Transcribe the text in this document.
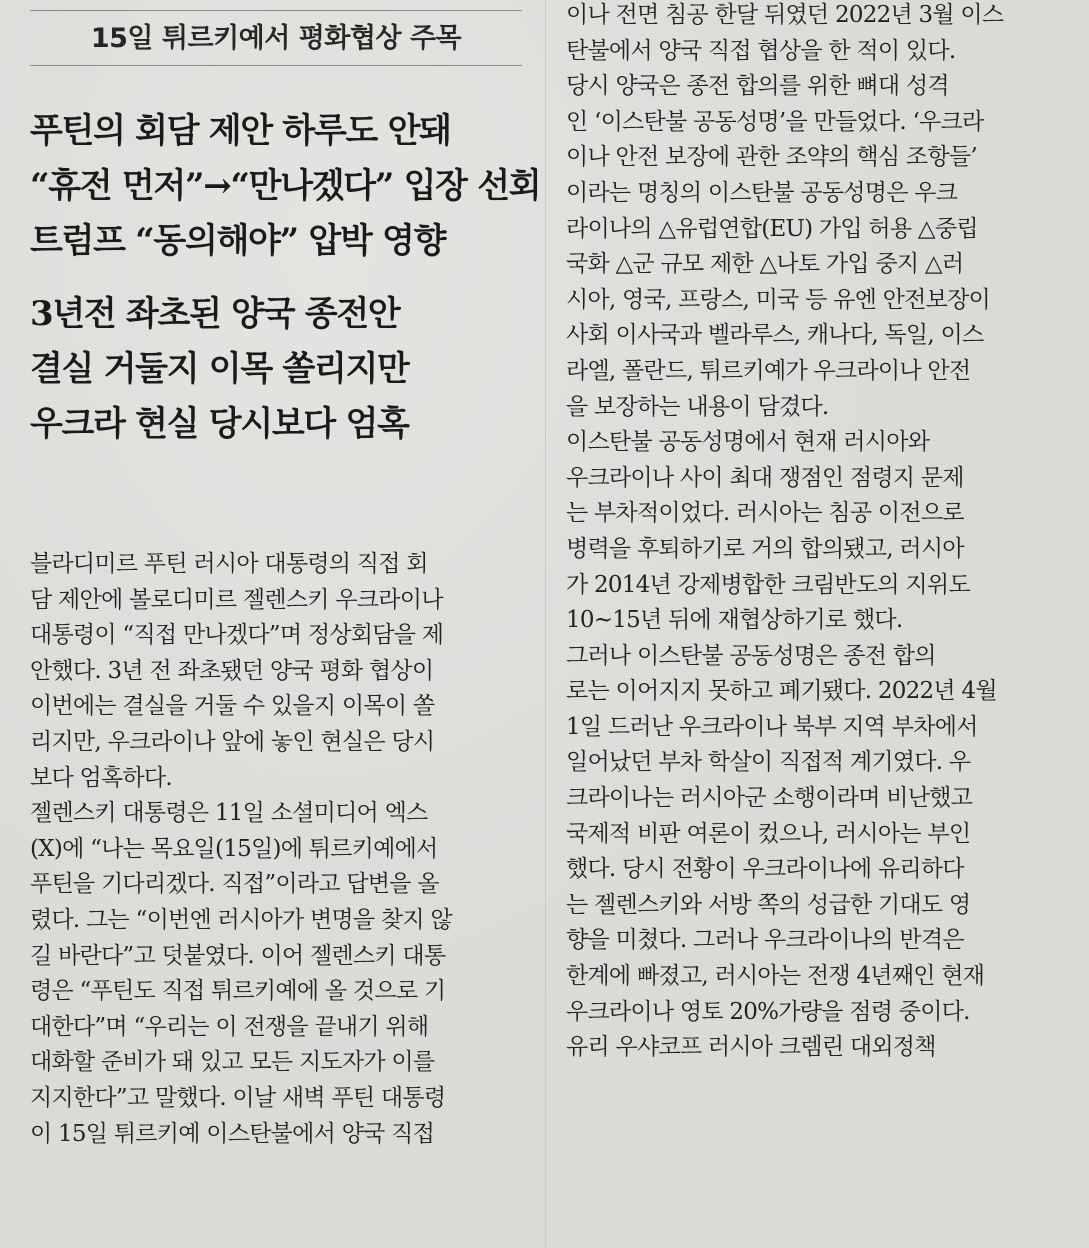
15일 튀르키예서 평화협상 주목
푸틴의 회담 제안 하루도 안돼
“휴전 먼저”→“만나겠다” 입장 선회
트럼프 “동의해야” 압박 영향
3년전 좌초된 양국 종전안
결실 거둘지 이목 쏠리지만
우크라 현실 당시보다 엄혹
블라디미르 푸틴 러시아 대통령의 직접 회
담 제안에 볼로디미르 젤렌스키 우크라이나
대통령이 “직접 만나겠다”며 정상회담을 제
안했다. 3년 전 좌초됐던 양국 평화 협상이
이번에는 결실을 거둘 수 있을지 이목이 쏠
리지만, 우크라이나 앞에 놓인 현실은 당시
보다 엄혹하다.
젤렌스키 대통령은 11일 소셜미디어 엑스
(X)에 “나는 목요일(15일)에 튀르키예에서
푸틴을 기다리겠다. 직접”이라고 답변을 올
렸다. 그는 “이번엔 러시아가 변명을 찾지 않
길 바란다”고 덧붙였다. 이어 젤렌스키 대통
령은 “푸틴도 직접 튀르키예에 올 것으로 기
대한다”며 “우리는 이 전쟁을 끝내기 위해
대화할 준비가 돼 있고 모든 지도자가 이를
지지한다”고 말했다. 이날 새벽 푸틴 대통령
이 15일 튀르키예 이스탄불에서 양국 직접
이나 전면 침공 한달 뒤였던 2022년 3월 이스
탄불에서 양국 직접 협상을 한 적이 있다.
당시 양국은 종전 합의를 위한 뼈대 성격
인 ‘이스탄불 공동성명’을 만들었다. ‘우크라
이나 안전 보장에 관한 조약의 핵심 조항들’
이라는 명칭의 이스탄불 공동성명은 우크
라이나의 △유럽연합(EU) 가입 허용 △중립
국화 △군 규모 제한 △나토 가입 중지 △러
시아, 영국, 프랑스, 미국 등 유엔 안전보장이
사회 이사국과 벨라루스, 캐나다, 독일, 이스
라엘, 폴란드, 튀르키예가 우크라이나 안전
을 보장하는 내용이 담겼다.
이스탄불 공동성명에서 현재 러시아와
우크라이나 사이 최대 쟁점인 점령지 문제
는 부차적이었다. 러시아는 침공 이전으로
병력을 후퇴하기로 거의 합의됐고, 러시아
가 2014년 강제병합한 크림반도의 지위도
10~15년 뒤에 재협상하기로 했다.
그러나 이스탄불 공동성명은 종전 합의
로는 이어지지 못하고 폐기됐다. 2022년 4월
1일 드러난 우크라이나 북부 지역 부차에서
일어났던 부차 학살이 직접적 계기였다. 우
크라이나는 러시아군 소행이라며 비난했고
국제적 비판 여론이 컸으나, 러시아는 부인
했다. 당시 전황이 우크라이나에 유리하다
는 젤렌스키와 서방 쪽의 성급한 기대도 영
향을 미쳤다. 그러나 우크라이나의 반격은
한계에 빠졌고, 러시아는 전쟁 4년째인 현재
우크라이나 영토 20%가량을 점령 중이다.
유리 우샤코프 러시아 크렘린 대외정책
